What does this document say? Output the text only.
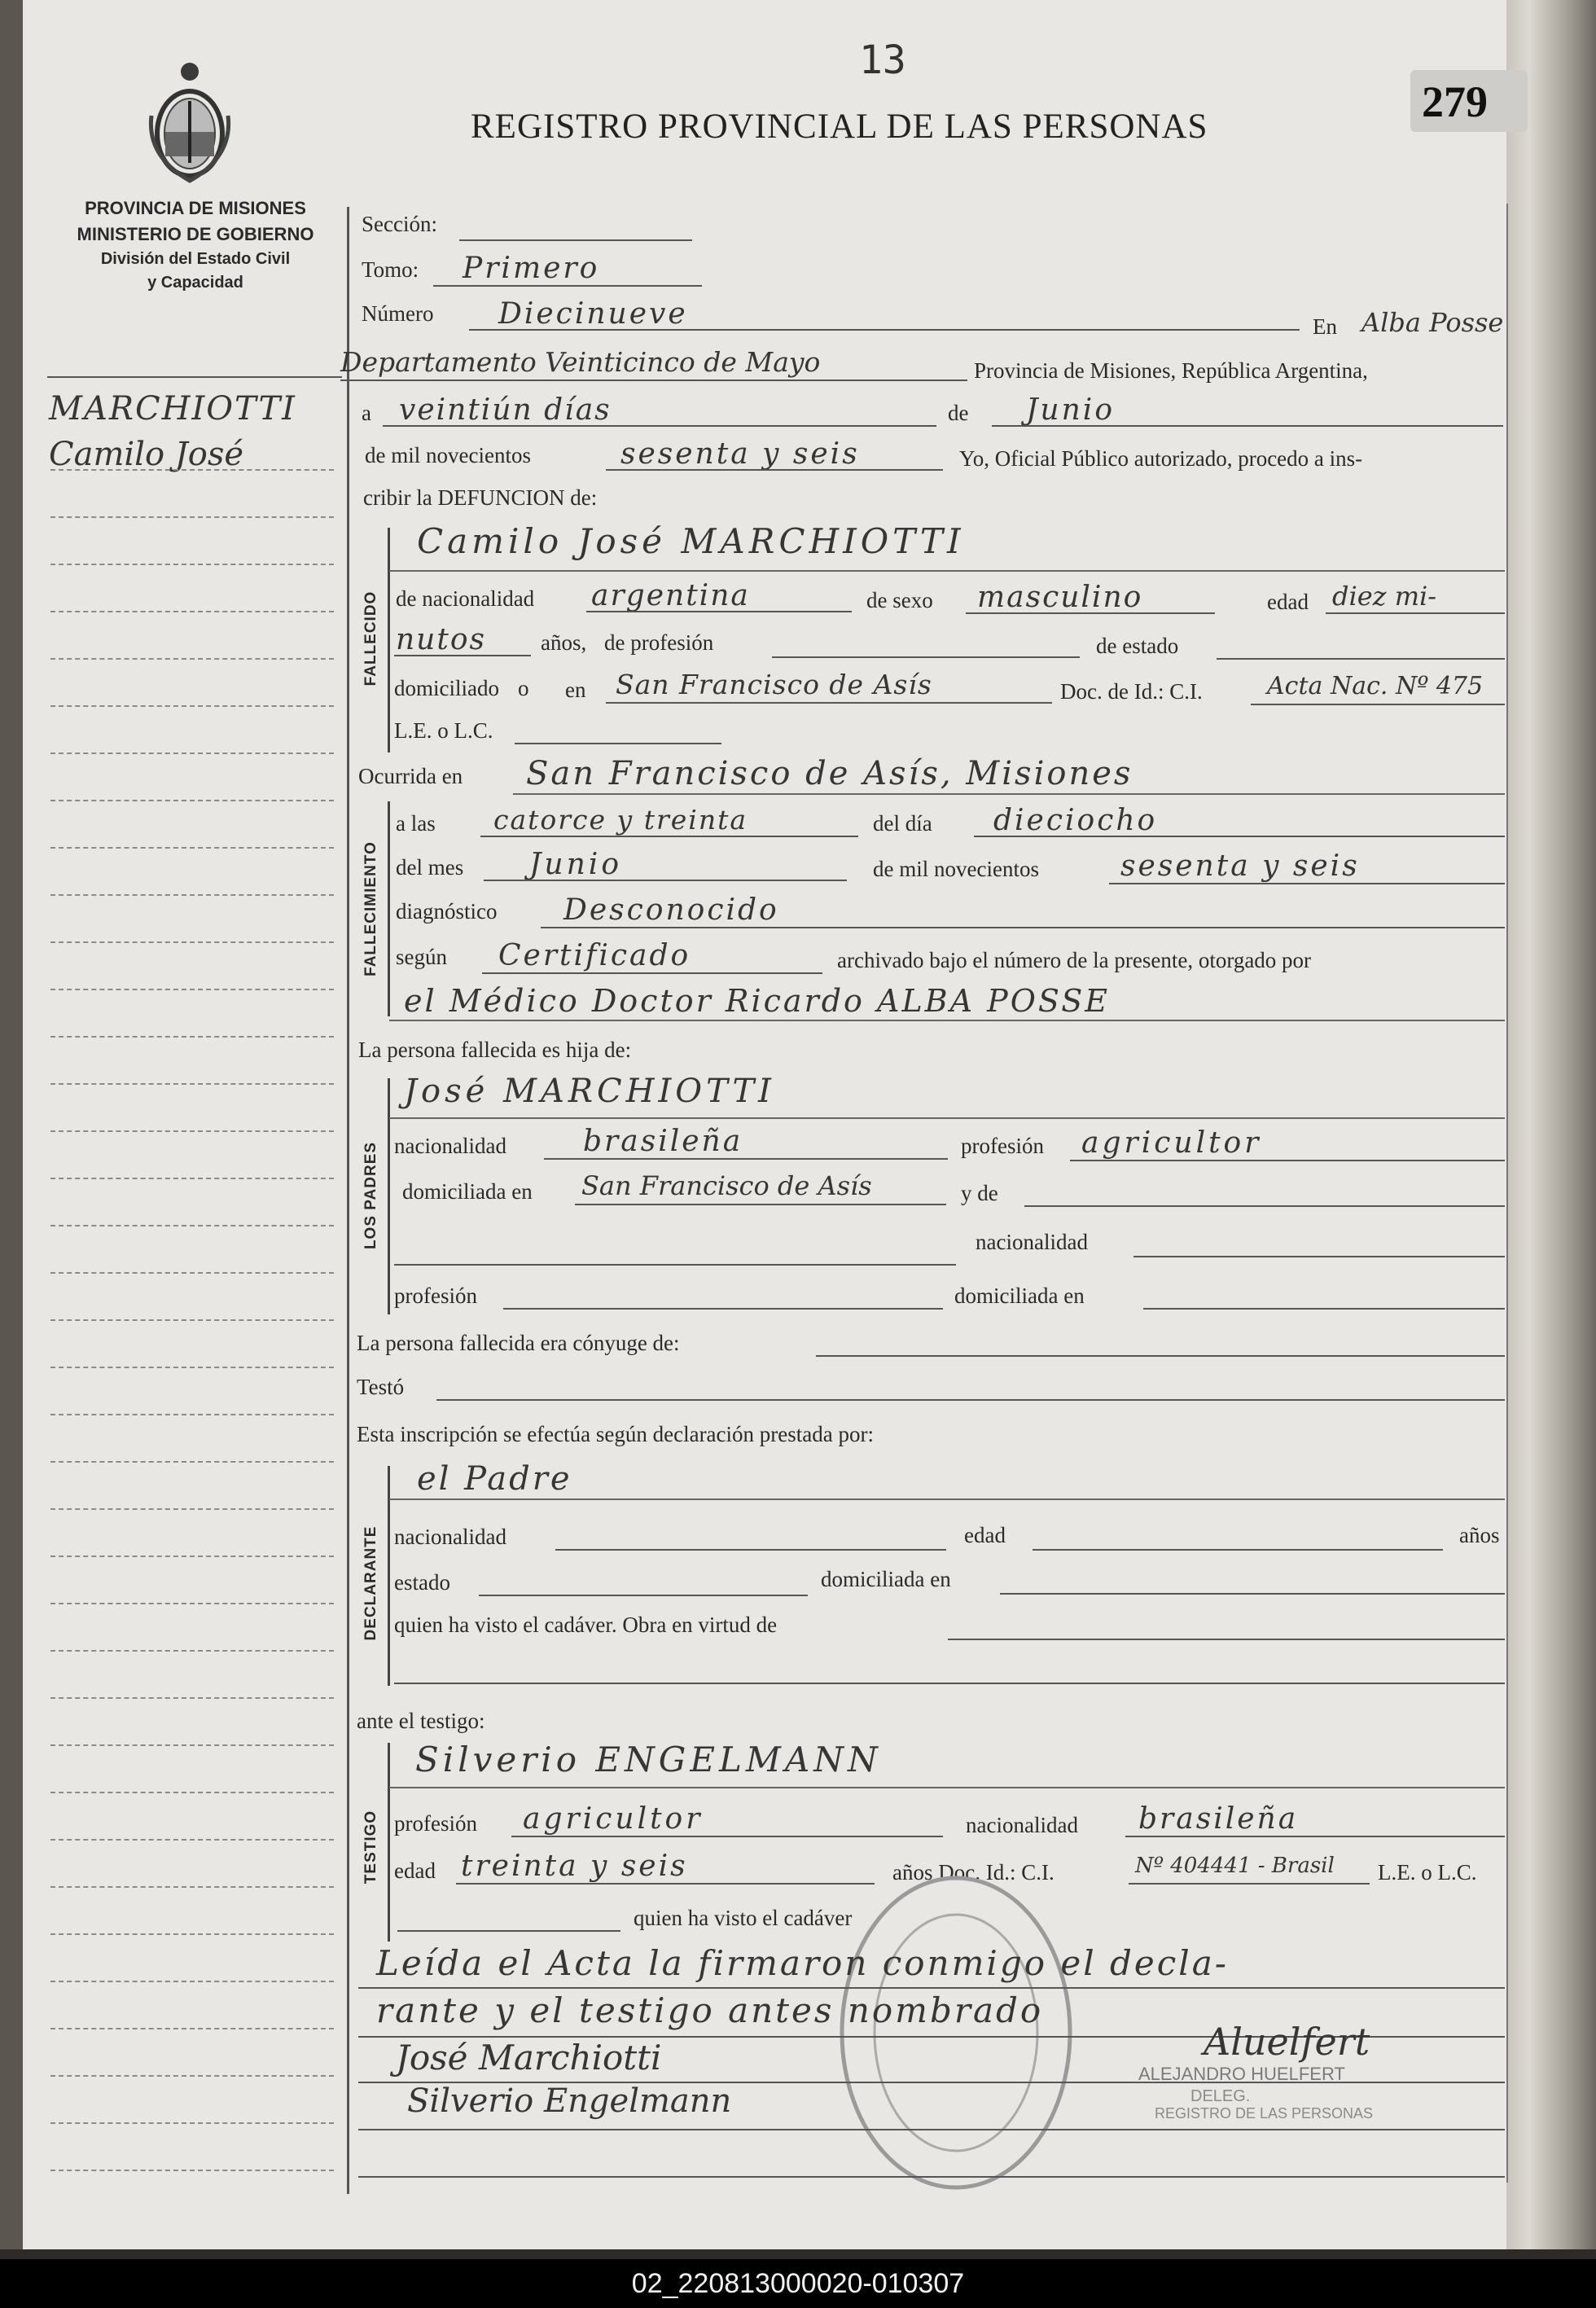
PROVINCIA DE MISIONES
MINISTERIO DE GOBIERNO
División del Estado Civil
y Capacidad
13
REGISTRO PROVINCIAL DE LAS PERSONAS
279
MARCHIOTTI
Camilo José
Sección:
Tomo: Primero
Número Diecinueve	En Alba Posse
Departamento Veinticinco de Mayo	Provincia de Misiones, República Argentina,
a veintiún días	de Junio
de mil novecientos	sesenta y seis	Yo, Oficial Público autorizado, procedo a ins-
cribir la DEFUNCION de:
FALLECIDO
Camilo José MARCHIOTTI
de nacionalidad argentina	de sexo masculino	edad diez mi-
nutos años, de profesión	de estado
domiciliado o en San Francisco de Asís	Doc. de Id.: C.I.	Acta Nac. Nº 475
L.E. o L.C.
Ocurrida en San Francisco de Asís, Misiones
FALLECIMIENTO
a las catorce y treinta	del día dieciocho
del mes Junio	de mil novecientos	sesenta y seis
diagnóstico Desconocido
según Certificado	archivado bajo el número de la presente, otorgado por
el Médico Doctor Ricardo ALBA POSSE
La persona fallecida es hija de:
LOS PADRES
José MARCHIOTTI
nacionalidad	brasileña	profesión agricultor
domiciliada en San Francisco de Asís	y de
nacionalidad
profesión	domiciliada en
La persona fallecida era cónyuge de:
Testó
Esta inscripción se efectúa según declaración prestada por:
DECLARANTE
el Padre
nacionalidad	edad	años
estado	domiciliada en
quien ha visto el cadáver. Obra en virtud de
ante el testigo:
TESTIGO
Silverio ENGELMANN
profesión agricultor	nacionalidad brasileña
edad treinta y seis	años Doc. Id.: C.I.	Nº 404441 - Brasil L.E. o L.C.
quien ha visto el cadáver
Leída el Acta la firmaron conmigo el decla-
rante y el testigo antes nombrado
José Marchiotti
Silverio Engelmann
Aluelfert
ALEJANDRO HUELFERT
DELEG.
REGISTRO DE LAS PERSONAS
02_220813000020-010307
